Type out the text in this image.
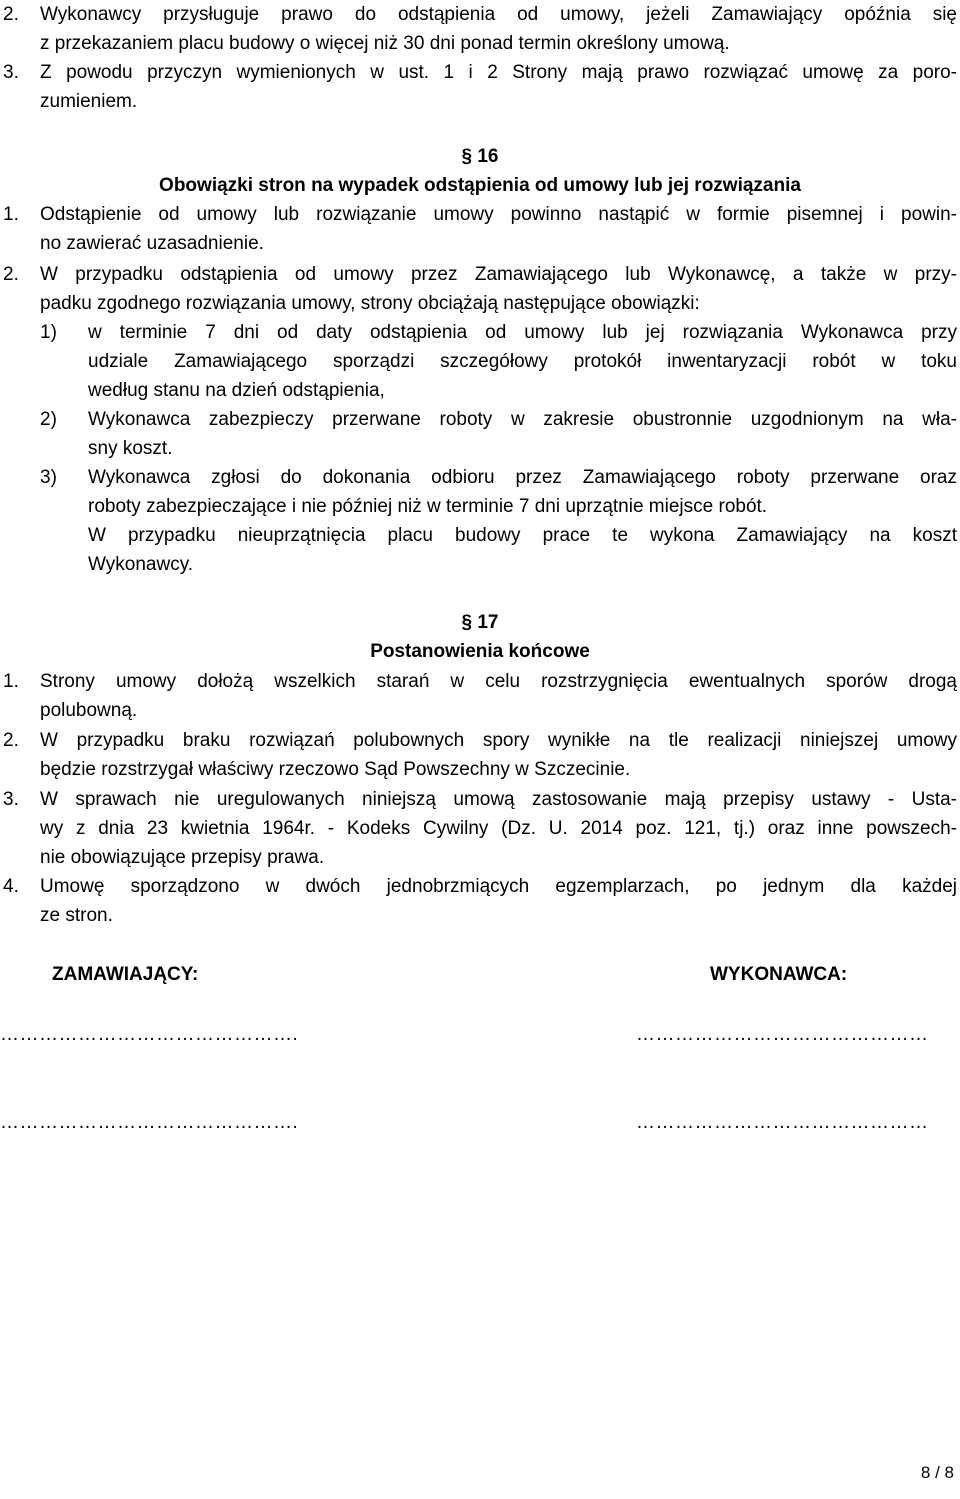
2. Wykonawcy przysługuje prawo do odstąpienia od umowy, jeżeli Zamawiający opóźnia się
z przekazaniem placu budowy o więcej niż 30 dni ponad termin określony umową.
3. Z powodu przyczyn wymienionych w ust. 1 i 2 Strony mają prawo rozwiązać umowę za poro-
zumieniem.
§ 16
Obowiązki stron na wypadek odstąpienia od umowy lub jej rozwiązania
1. Odstąpienie od umowy lub rozwiązanie umowy powinno nastąpić w formie pisemnej i powin-
no zawierać uzasadnienie.
2. W przypadku odstąpienia od umowy przez Zamawiającego lub Wykonawcę, a także w przy-
padku zgodnego rozwiązania umowy, strony obciążają następujące obowiązki:
1) w terminie 7 dni od daty odstąpienia od umowy lub jej rozwiązania Wykonawca przy
udziale Zamawiającego sporządzi szczegółowy protokół inwentaryzacji robót w toku
według stanu na dzień odstąpienia,
2) Wykonawca zabezpieczy przerwane roboty w zakresie obustronnie uzgodnionym na wła-
sny koszt.
3) Wykonawca zgłosi do dokonania odbioru przez Zamawiającego roboty przerwane oraz
roboty zabezpieczające i nie później niż w terminie 7 dni uprzątnie miejsce robót.
W przypadku nieuprzątnięcia placu budowy prace te wykona Zamawiający na koszt
Wykonawcy.
§ 17
Postanowienia końcowe
1. Strony umowy dołożą wszelkich starań w celu rozstrzygnięcia ewentualnych sporów drogą
polubowną.
2. W przypadku braku rozwiązań polubownych spory wynikłe na tle realizacji niniejszej umowy
będzie rozstrzygał właściwy rzeczowo Sąd Powszechny w Szczecinie.
3. W sprawach nie uregulowanych niniejszą umową zastosowanie mają przepisy ustawy - Usta-
wy z dnia 23 kwietnia 1964r. - Kodeks Cywilny (Dz. U. 2014 poz. 121, tj.) oraz inne powszech-
nie obowiązujące przepisy prawa.
4. Umowę sporządzono w dwóch jednobrzmiących egzemplarzach, po jednym dla każdej
ze stron.
ZAMAWIAJĄCY:	WYKONAWCA:
……………………………………….	………………………………………
……………………………………….	………………………………………
8 / 8
